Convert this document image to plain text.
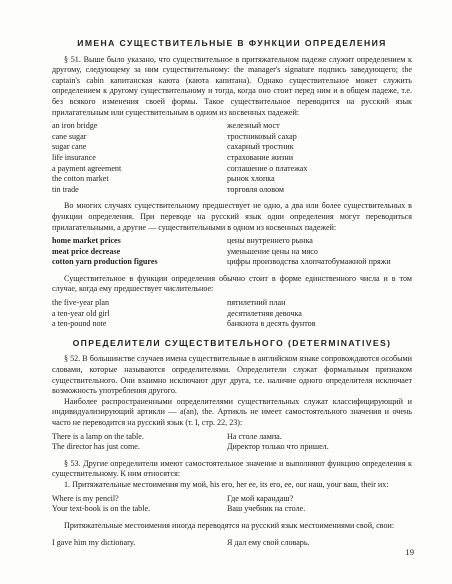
ИМЕНА СУЩЕСТВИТЕЛЬНЫЕ В ФУНКЦИИ ОПРЕДЕЛЕНИЯ

§ 51. Выше было указано, что существительное в притяжательном падеже служит определением к другому, следующему за ним существительному: the manager's signature подпись заведующего; the captain's cabin капитанская каюта (каюта капитана). Однако существительное может служить определением к другому существительному и тогда, когда оно стоит перед ним и в общем падеже, т.е. без всякого изменения своей формы. Такое существительное переводится на русский язык прилагательным или существительным в одном из косвенных падежей:

an iron bridge	железный мост
cane sugar	тростниковый сахар
sugar cane	сахарный тростник
life insurance	страхование жизни
a payment agreement	соглашение о платежах
the cotton market	рынок хлопка
tin trade	торговля оловом

Во многих случаях существительному предшествует не одно, а два или более существительных в функции определения. При переводе на русский язык одни определения могут переводиться прилагательными, а другие — существительными в одном из косвенных падежей:

home market prices	цены внутреннего рынка
meat price decrease	уменьшение цены на мясо
cotton yarn production figures	цифры производства хлопчатобумажной пряжи

Существительное в функции определения обычно стоит в форме единственного числа и в том случае, когда ему предшествует числительное:

the five-year plan	пятилетний план
a ten-year old girl	десятилетняя девочка
a ten-pound note	банкнота в десять фунтов
ОПРЕДЕЛИТЕЛИ СУЩЕСТВИТЕЛЬНОГО (DETERMINATIVES)

§ 52. В большинстве случаев имена существительные в английском языке сопровождаются особыми словами, которые называются определителями. Определители служат формальным признаком существительного. Они взаимно исключают друг друга, т.е. наличие одного определителя исключает возможность употребления другого.

Наиболее распространенными определителями существительных служат классифицирующий и индивидуализирующий артикли — a(an), the. Артикль не имеет самостоятельного значения и очень часто не переводится на русский язык (т. I, стр. 22, 23):

There is a lamp on the table.	На столе лампа.
The director has just come.	Директор только что пришел.

§ 53. Другие определители имеют самостоятельное значение и выполняют функцию определения к существительному. К ним относятся:

1. Притяжательные местоимения my мой, his его, her ее, its его, ее, our наш, your ваш, their их:

Where is my pencil?	Где мой карандаш?
Your text-book is on the table.	Ваш учебник на столе.

Притяжательные местоимения иногда переводятся на русский язык местоимениями свой, свои:

I gave him my dictionary.	Я дал ему свой словарь.
19
